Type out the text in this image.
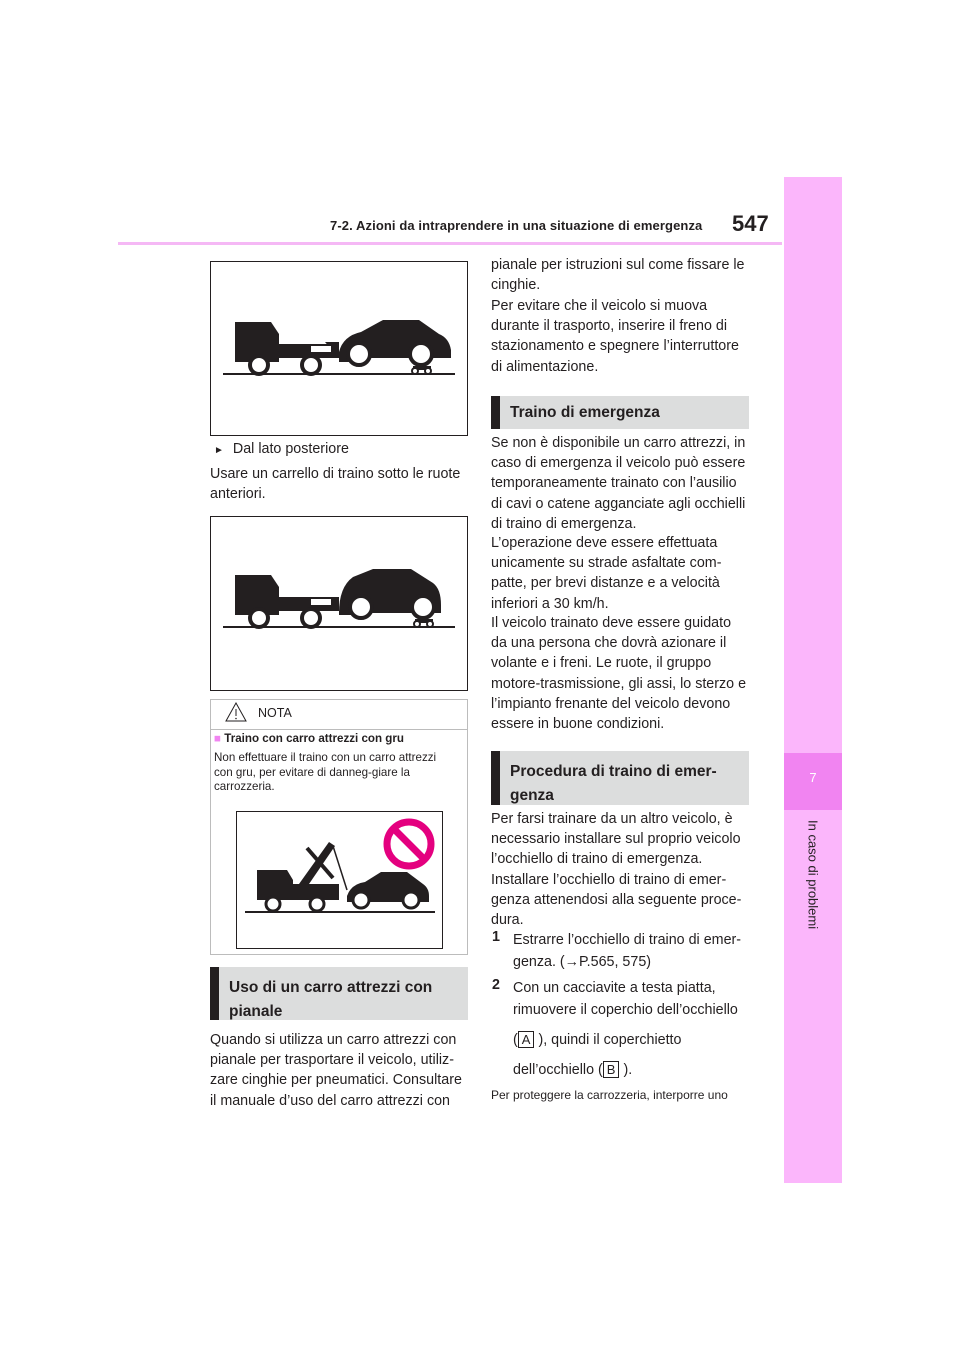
7-2. Azioni da intraprendere in una situazione di emergenza 547
7
In caso di problemi
► Dal lato posteriore

Usare un carrello di traino sotto le ruote anteriori.

NOTA
■ Traino con carro attrezzi con gru
Non effettuare il traino con un carro attrezzi con gru, per evitare di danneg-giare la carrozzeria.
Uso di un carro attrezzi con pianale

Quando si utilizza un carro attrezzi con pianale per trasportare il veicolo, utiliz-zare cinghie per pneumatici. Consultare il manuale d’uso del carro attrezzi con

pianale per istruzioni sul come fissare le cinghie.

Per evitare che il veicolo si muova durante il trasporto, inserire il freno di stazionamento e spegnere l’interruttore di alimentazione.

Traino di emergenza

Se non è disponibile un carro attrezzi, in caso di emergenza il veicolo può essere temporaneamente trainato con l’ausilio di cavi o catene agganciate agli occhielli di traino di emergenza.

L’operazione deve essere effettuata unicamente su strade asfaltate com-patte, per brevi distanze e a velocità inferiori a 30 km/h.

Il veicolo trainato deve essere guidato da una persona che dovrà azionare il volante e i freni. Le ruote, il gruppo motore-trasmissione, gli assi, lo sterzo e l’impianto frenante del veicolo devono essere in buone condizioni.

Procedura di traino di emer-genza

Per farsi trainare da un altro veicolo, è necessario installare sul proprio veicolo l’occhiello di traino di emergenza. Installare l’occhiello di traino di emer-genza attenendosi alla seguente proce-dura.

1 Estrarre l’occhiello di traino di emer-genza. (→P.565, 575)

2 Con un cacciavite a testa piatta, rimuovere il coperchio dell’occhiello

( A ), quindi il coperchietto

dell’occhiello ( B ).

Per proteggere la carrozzeria, interporre uno
